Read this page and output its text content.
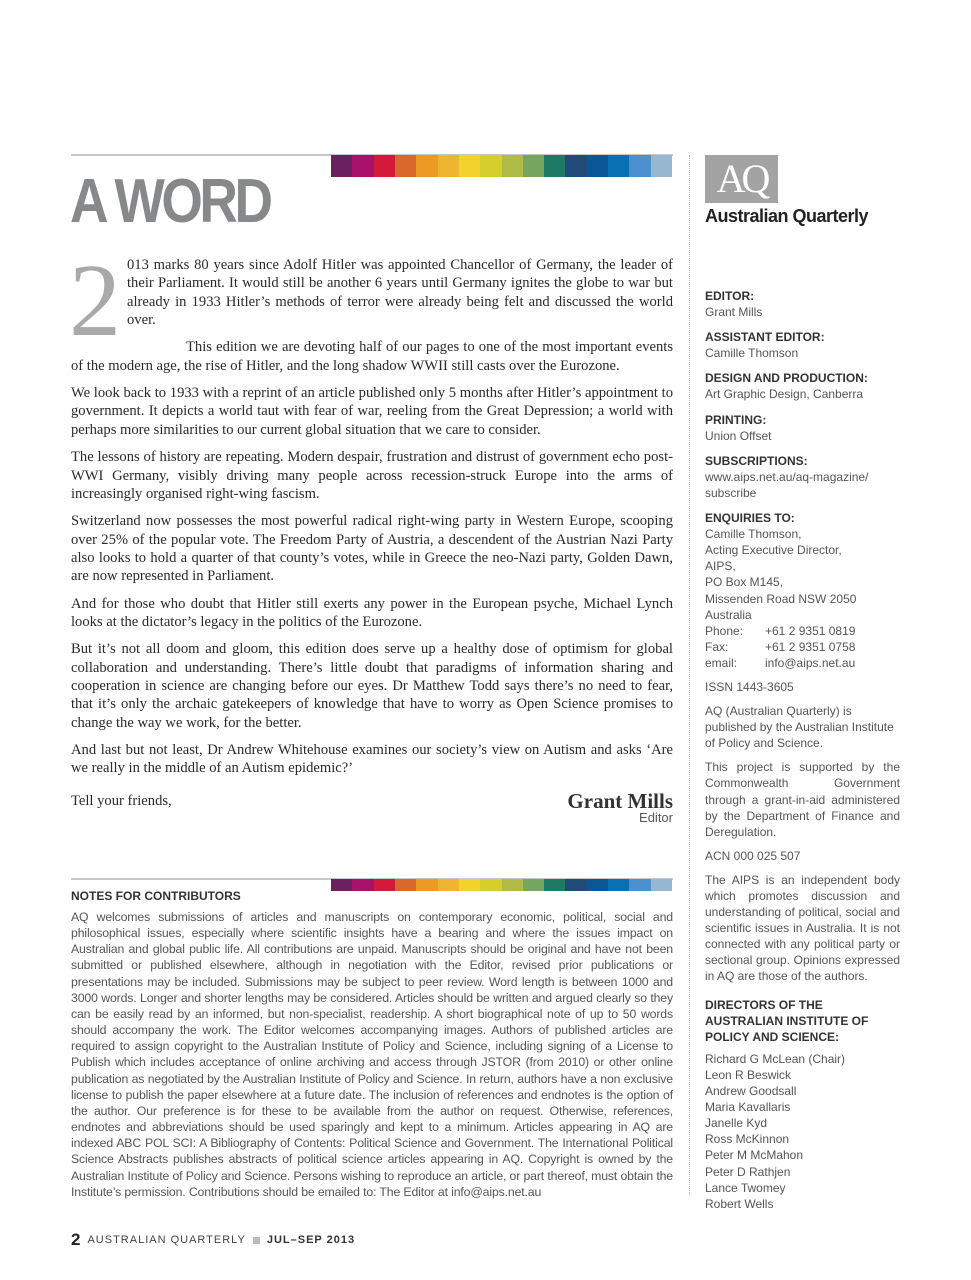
A WORD
2 013 marks 80 years since Adolf Hitler was appointed Chancellor of Germany, the leader of their Parliament. It would still be another 6 years until Germany ignites the globe to war but already in 1933 Hitler’s methods of terror were already being felt and discussed the world over.

This edition we are devoting half of our pages to one of the most important events of the modern age, the rise of Hitler, and the long shadow WWII still casts over the Eurozone.

We look back to 1933 with a reprint of an article published only 5 months after Hitler’s appointment to government. It depicts a world taut with fear of war, reeling from the Great Depression; a world with perhaps more similarities to our current global situation that we care to consider.

The lessons of history are repeating. Modern despair, frustration and distrust of government echo post-WWI Germany, visibly driving many people across recession-struck Europe into the arms of increasingly organised right-wing fascism.

Switzerland now possesses the most powerful radical right-wing party in Western Europe, scooping over 25% of the popular vote. The Freedom Party of Austria, a descendent of the Austrian Nazi Party also looks to hold a quarter of that county’s votes, while in Greece the neo-Nazi party, Golden Dawn, are now represented in Parliament.

And for those who doubt that Hitler still exerts any power in the European psyche, Michael Lynch looks at the dictator’s legacy in the politics of the Eurozone.

But it’s not all doom and gloom, this edition does serve up a healthy dose of optimism for global collaboration and understanding. There’s little doubt that paradigms of information sharing and cooperation in science are changing before our eyes. Dr Matthew Todd says there’s no need to fear, that it’s only the archaic gatekeepers of knowledge that have to worry as Open Science promises to change the way we work, for the better.

And last but not least, Dr Andrew Whitehouse examines our society’s view on Autism and asks ‘Are we really in the middle of an Autism epidemic?’

Tell your friends,	Grant Mills

Editor
NOTES FOR CONTRIBUTORS
AQ welcomes submissions of articles and manuscripts on contemporary economic, political, social and philosophical issues, especially where scientific insights have a bearing and where the issues impact on Australian and global public life. All contributions are unpaid. Manuscripts should be original and have not been submitted or published elsewhere, although in negotiation with the Editor, revised prior publications or presentations may be included. Submissions may be subject to peer review. Word length is between 1000 and 3000 words. Longer and shorter lengths may be considered. Articles should be written and argued clearly so they can be easily read by an informed, but non-specialist, readership. A short biographical note of up to 50 words should accompany the work. The Editor welcomes accompanying images. Authors of published articles are required to assign copyright to the Australian Institute of Policy and Science, including signing of a License to Publish which includes acceptance of online archiving and access through JSTOR (from 2010) or other online publication as negotiated by the Australian Institute of Policy and Science. In return, authors have a non exclusive license to publish the paper elsewhere at a future date. The inclusion of references and endnotes is the option of the author. Our preference is for these to be available from the author on request. Otherwise, references, endnotes and abbreviations should be used sparingly and kept to a minimum. Articles appearing in AQ are indexed ABC POL SCI: A Bibliography of Contents: Political Science and Government. The International Political Science Abstracts publishes abstracts of political science articles appearing in AQ. Copyright is owned by the Australian Institute of Policy and Science. Persons wishing to reproduce an article, or part thereof, must obtain the Institute’s permission. Contributions should be emailed to: The Editor at info@aips.net.au
AQ
Australian Quarterly
EDITOR:
Grant Mills
ASSISTANT EDITOR:
Camille Thomson
DESIGN AND PRODUCTION:
Art Graphic Design, Canberra
PRINTING:
Union Offset
SUBSCRIPTIONS:
www.aips.net.au/aq-magazine/ subscribe
ENQUIRIES TO:
Camille Thomson,
Acting Executive Director,
AIPS,
PO Box M145,
Missenden Road NSW 2050
Australia
Phone:	+61 2 9351 0819
Fax:	+61 2 9351 0758
email:	info@aips.net.au
ISSN 1443-3605
AQ (Australian Quarterly) is published by the Australian Institute of Policy and Science.
This project is supported by the Commonwealth Government through a grant-in-aid administered by the Department of Finance and Deregulation.
ACN 000 025 507
The AIPS is an independent body which promotes discussion and understanding of political, social and scientific issues in Australia. It is not connected with any political party or sectional group. Opinions expressed in AQ are those of the authors.
DIRECTORS OF THE AUSTRALIAN INSTITUTE OF POLICY AND SCIENCE:
Richard G McLean (Chair)
Leon R Beswick
Andrew Goodsall
Maria Kavallaris
Janelle Kyd
Ross McKinnon
Peter M McMahon
Peter D Rathjen
Lance Twomey
Robert Wells
2 AUSTRALIAN QUARTERLY JUL–SEP 2013
